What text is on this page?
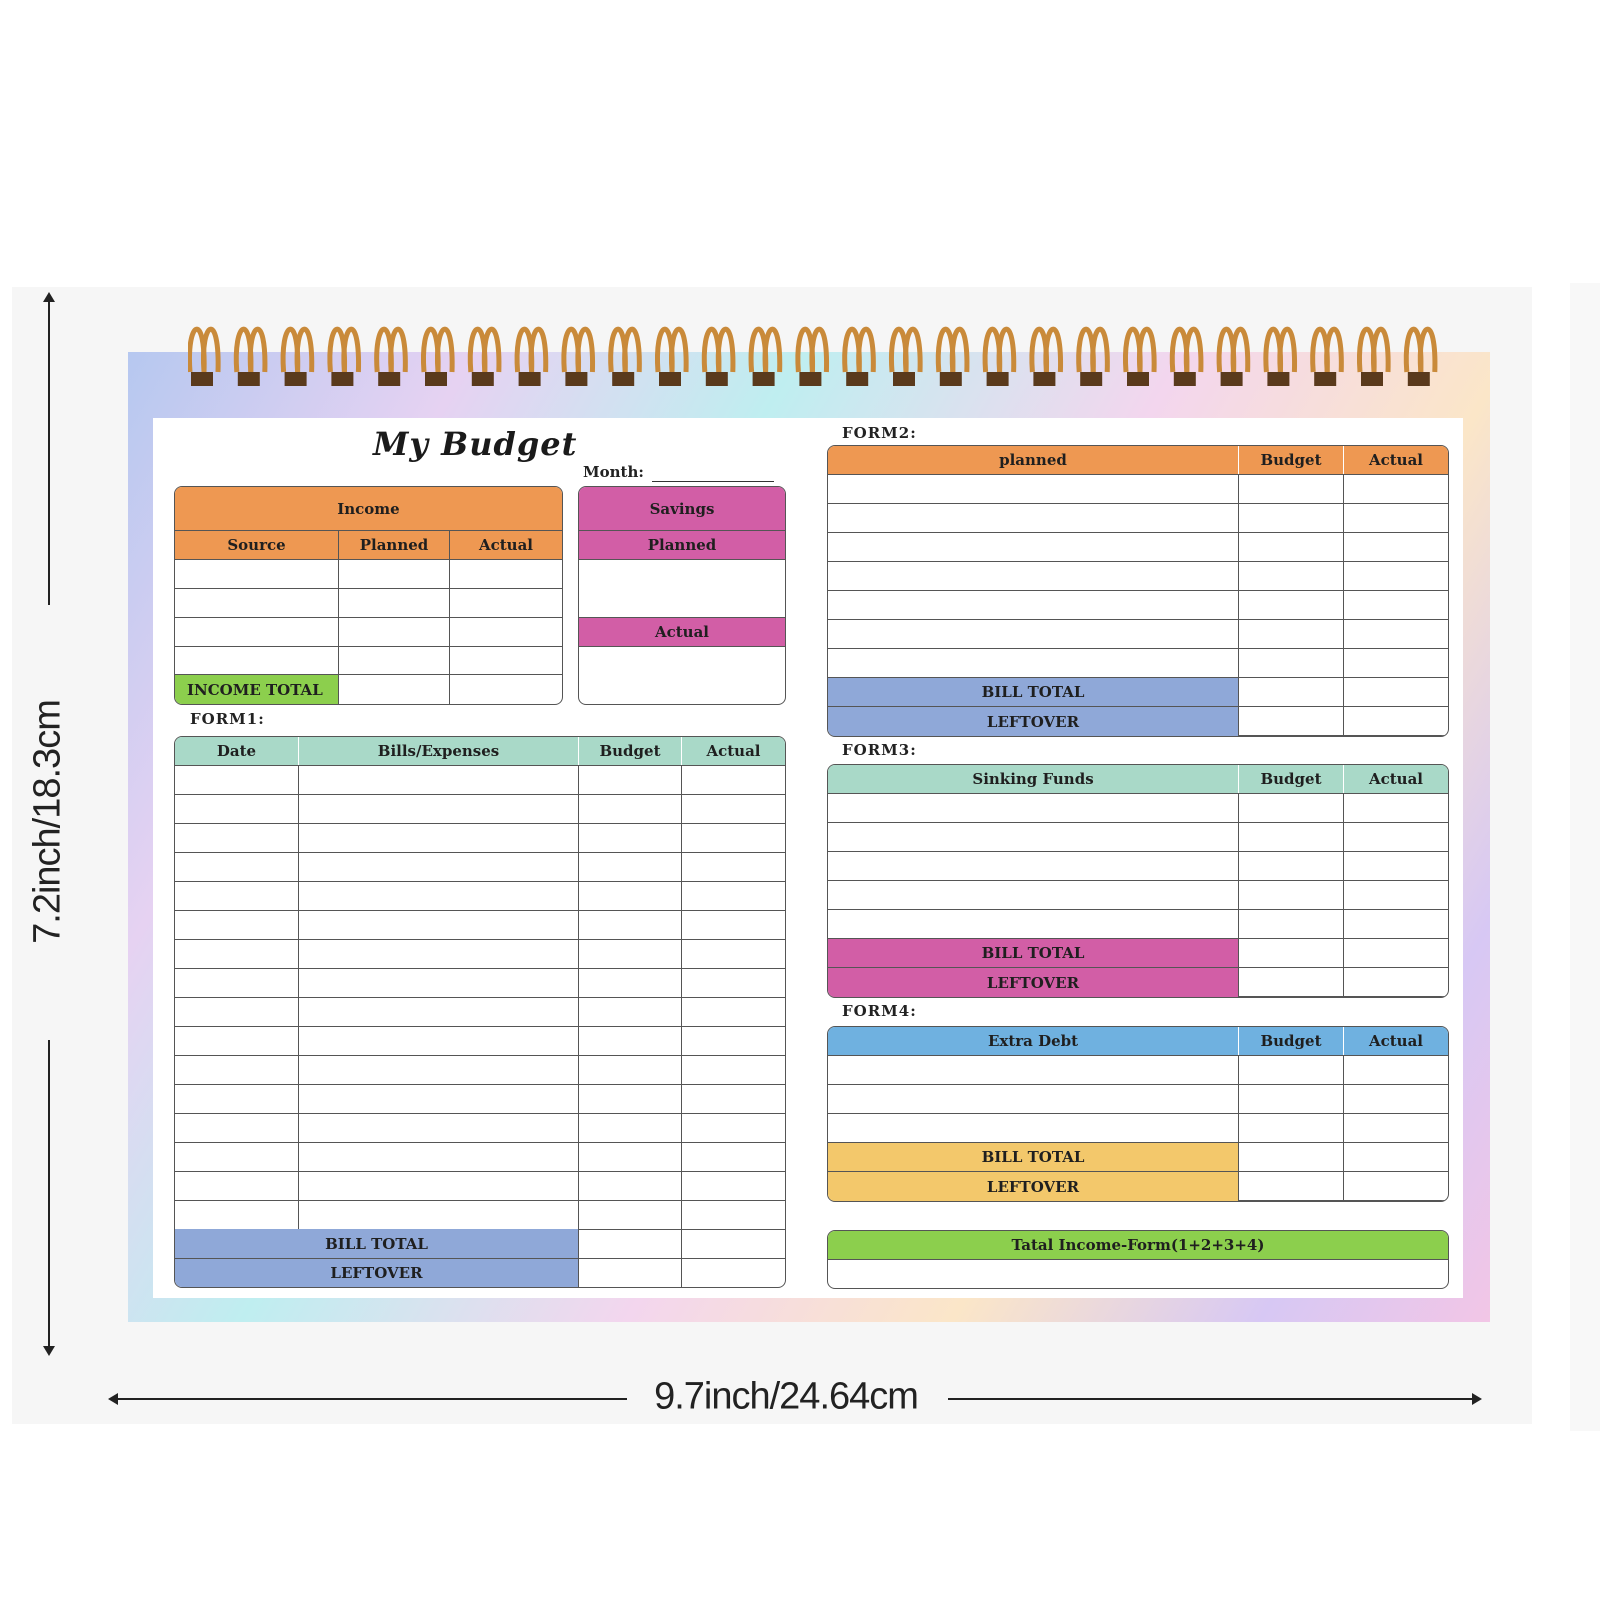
7.2inch/18.3cm
9.7inch/24.64cm
My Budget
Month:
Income
Source	Planned	Actual
INCOME TOTAL
Savings
Planned
Actual
FORM1:
Date	Bills/Expenses	Budget	Actual
BILL TOTAL
LEFTOVER
FORM2:
planned	Budget	Actual
BILL TOTAL
LEFTOVER
FORM3:
Sinking Funds	Budget	Actual
BILL TOTAL
LEFTOVER
FORM4:
Extra Debt	Budget	Actual
BILL TOTAL
LEFTOVER
Tatal Income-Form(1+2+3+4)
